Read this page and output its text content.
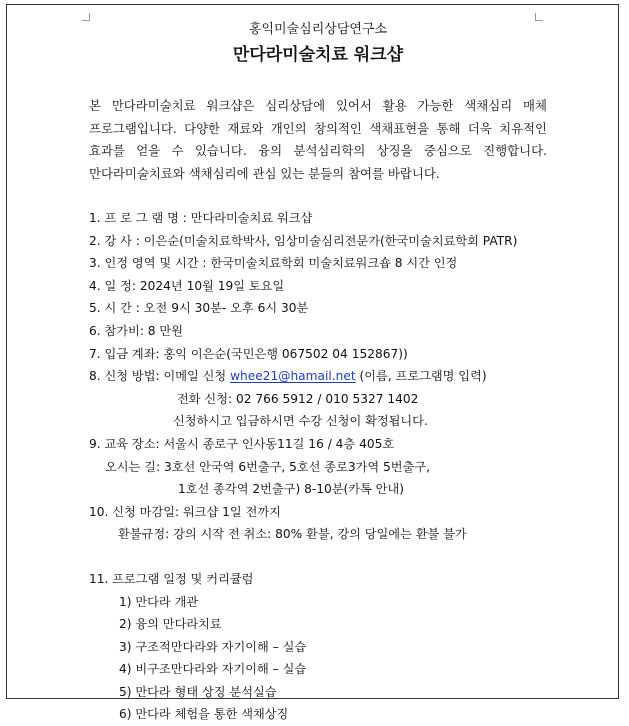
홍익미술심리상담연구소
만다라미술치료 워크샵

본 만다라미술치료 워크샵은 심리상담에 있어서 활용 가능한 색채심리 매체 프로그램입니다. 다양한 재료와 개인의 창의적인 색채표현을 통해 더욱 치유적인 효과를 얻을 수 있습니다. 융의 분석심리학의 상징을 중심으로 진행합니다. 만다라미술치료와 색채심리에 관심 있는 분들의 참여를 바랍니다.

1. 프 로 그 램 명 : 만다라미술치료 워크샵
2. 강 사 : 이은순(미술치료학박사, 임상미술심리전문가(한국미술치료학회 PATR)
3. 인정 영역 및 시간 : 한국미술치료학회 미술치료워크숍 8 시간 인정
4. 일 정: 2024년 10월 19일 토요일
5. 시 간 : 오전 9시 30분- 오후 6시 30분
6. 참가비: 8 만원
7. 입금 계좌: 홍익 이은순(국민은행 067502 04 152867))
8. 신청 방법: 이메일 신청 whee21@hamail.net (이름, 프로그램명 입력)
전화 신청: 02 766 5912 / 010 5327 1402
신청하시고 입금하시면 수강 신청이 확정됩니다.
9. 교육 장소: 서울시 종로구 인사동11길 16 / 4층 405호
오시는 길: 3호선 안국역 6번출구, 5호선 종로3가역 5번출구,
1호선 종각역 2번출구) 8-10분(카톡 안내)
10. 신청 마감일: 워크샵 1일 전까지
환불규정: 강의 시작 전 취소: 80% 환불, 강의 당일에는 환불 불가
11. 프로그램 일정 및 커리큘럼
1) 만다라 개관
2) 융의 만다라치료
3) 구조적만다라와 자기이해 – 실습
4) 비구조만다라와 자기이해 – 실습
5) 만다라 형태 상징 분석실습
6) 만다라 체험을 통한 색채상징
